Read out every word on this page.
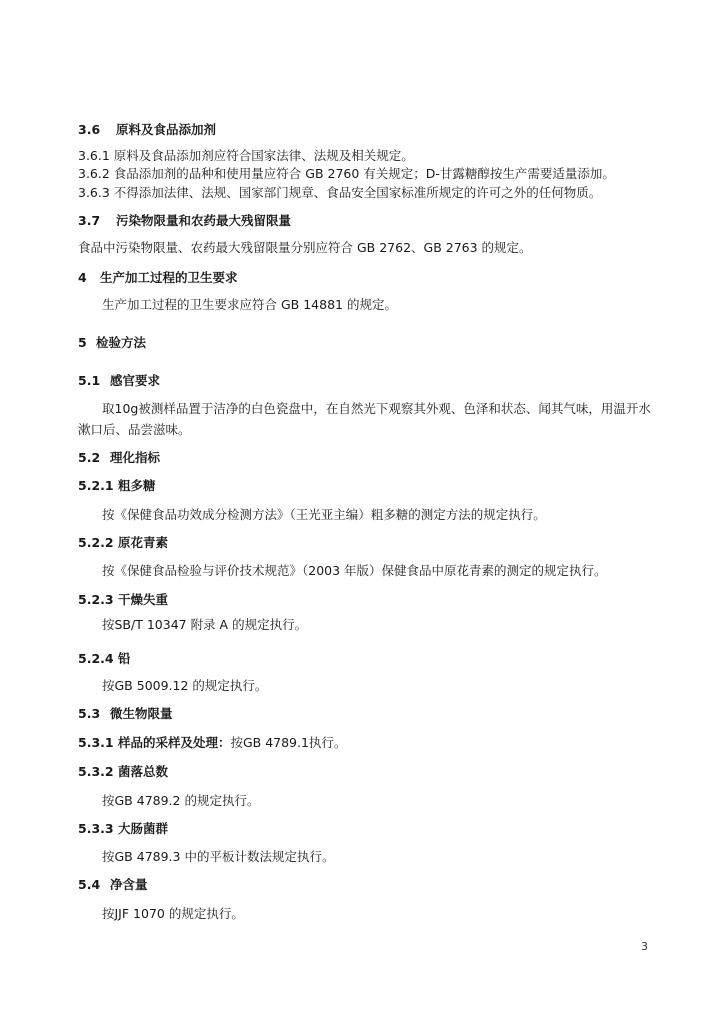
3.6 原料及食品添加剂
3.6.1 原料及食品添加剂应符合国家法律、法规及相关规定。
3.6.2 食品添加剂的品种和使用量应符合 GB 2760 有关规定；D-甘露糖醇按生产需要适量添加。
3.6.3 不得添加法律、法规、国家部门规章、食品安全国家标准所规定的许可之外的任何物质。
3.7 污染物限量和农药最大残留限量
食品中污染物限量、农药最大残留限量分别应符合 GB 2762、GB 2763 的规定。
4 生产加工过程的卫生要求
生产加工过程的卫生要求应符合 GB 14881 的规定。
5 检验方法
5.1 感官要求
取10g被测样品置于洁净的白色瓷盘中，在自然光下观察其外观、色泽和状态、闻其气味，用温开水
漱口后、品尝滋味。
5.2 理化指标
5.2.1 粗多糖
按《保健食品功效成分检测方法》（王光亚主编）粗多糖的测定方法的规定执行。
5.2.2 原花青素
按《保健食品检验与评价技术规范》（2003 年版）保健食品中原花青素的测定的规定执行。
5.2.3 干燥失重
按SB/T 10347 附录 A 的规定执行。
5.2.4 铅
按GB 5009.12 的规定执行。
5.3 微生物限量
5.3.1 样品的采样及处理：按GB 4789.1执行。
5.3.2 菌落总数
按GB 4789.2 的规定执行。
5.3.3 大肠菌群
按GB 4789.3 中的平板计数法规定执行。
5.4 净含量
按JJF 1070 的规定执行。
3
